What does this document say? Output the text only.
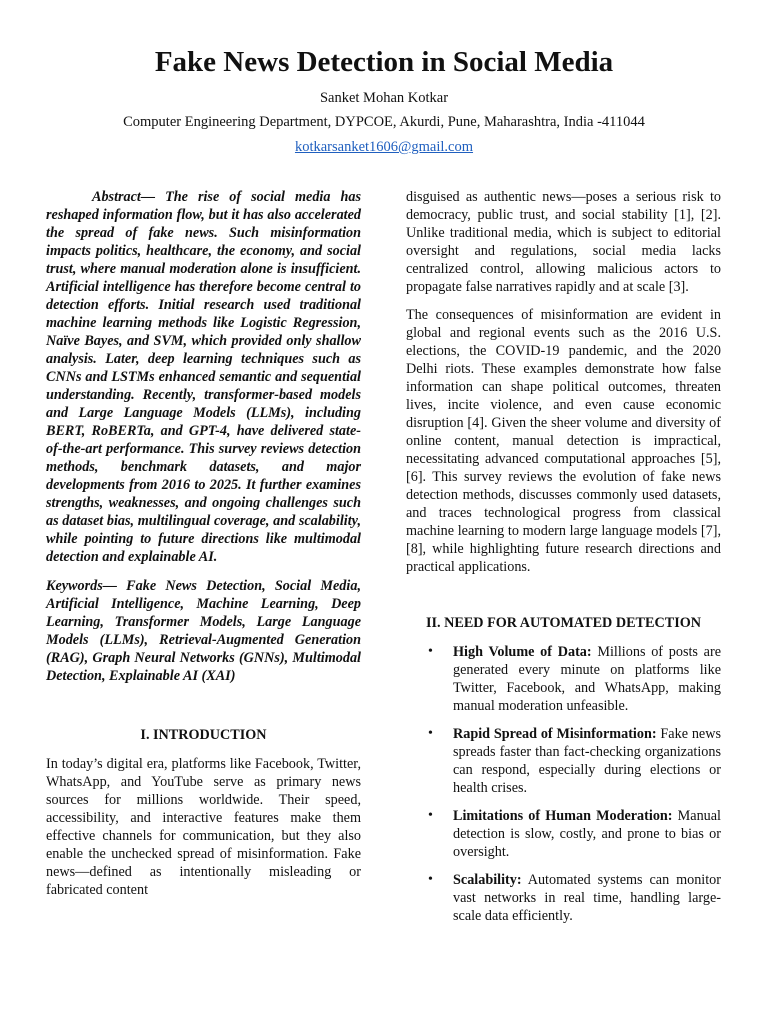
Fake News Detection in Social Media
Sanket Mohan Kotkar
Computer Engineering Department, DYPCOE, Akurdi, Pune, Maharashtra, India -411044
kotkarsanket1606@gmail.com

Abstract— The rise of social media has reshaped information flow, but it has also accelerated the spread of fake news. Such misinformation impacts politics, healthcare, the economy, and social trust, where manual moderation alone is insufficient. Artificial intelligence has therefore become central to detection efforts. Initial research used traditional machine learning methods like Logistic Regression, Naïve Bayes, and SVM, which provided only shallow analysis. Later, deep learning techniques such as CNNs and LSTMs enhanced semantic and sequential understanding. Recently, transformer-based models and Large Language Models (LLMs), including BERT, RoBERTa, and GPT-4, have delivered state-of-the-art performance. This survey reviews detection methods, benchmark datasets, and major developments from 2016 to 2025. It further examines strengths, weaknesses, and ongoing challenges such as dataset bias, multilingual coverage, and scalability, while pointing to future directions like multimodal detection and explainable AI.

Keywords— Fake News Detection, Social Media, Artificial Intelligence, Machine Learning, Deep Learning, Transformer Models, Large Language Models (LLMs), Retrieval-Augmented Generation (RAG), Graph Neural Networks (GNNs), Multimodal Detection, Explainable AI (XAI)

I. INTRODUCTION

In today’s digital era, platforms like Facebook, Twitter, WhatsApp, and YouTube serve as primary news sources for millions worldwide. Their speed, accessibility, and interactive features make them effective channels for communication, but they also enable the unchecked spread of misinformation. Fake news—defined as intentionally misleading or fabricated content

disguised as authentic news—poses a serious risk to democracy, public trust, and social stability [1], [2]. Unlike traditional media, which is subject to editorial oversight and regulations, social media lacks centralized control, allowing malicious actors to propagate false narratives rapidly and at scale [3].

The consequences of misinformation are evident in global and regional events such as the 2016 U.S. elections, the COVID-19 pandemic, and the 2020 Delhi riots. These examples demonstrate how false information can shape political outcomes, threaten lives, incite violence, and even cause economic disruption [4]. Given the sheer volume and diversity of online content, manual detection is impractical, necessitating advanced computational approaches [5], [6]. This survey reviews the evolution of fake news detection methods, discusses commonly used datasets, and traces technological progress from classical machine learning to modern large language models [7], [8], while highlighting future research directions and practical applications.

II. NEED FOR AUTOMATED DETECTION
• High Volume of Data: Millions of posts are generated every minute on platforms like Twitter, Facebook, and WhatsApp, making manual moderation unfeasible.
• Rapid Spread of Misinformation: Fake news spreads faster than fact-checking organizations can respond, especially during elections or health crises.
• Limitations of Human Moderation: Manual detection is slow, costly, and prone to bias or oversight.
• Scalability: Automated systems can monitor vast networks in real time, handling large-scale data efficiently.
